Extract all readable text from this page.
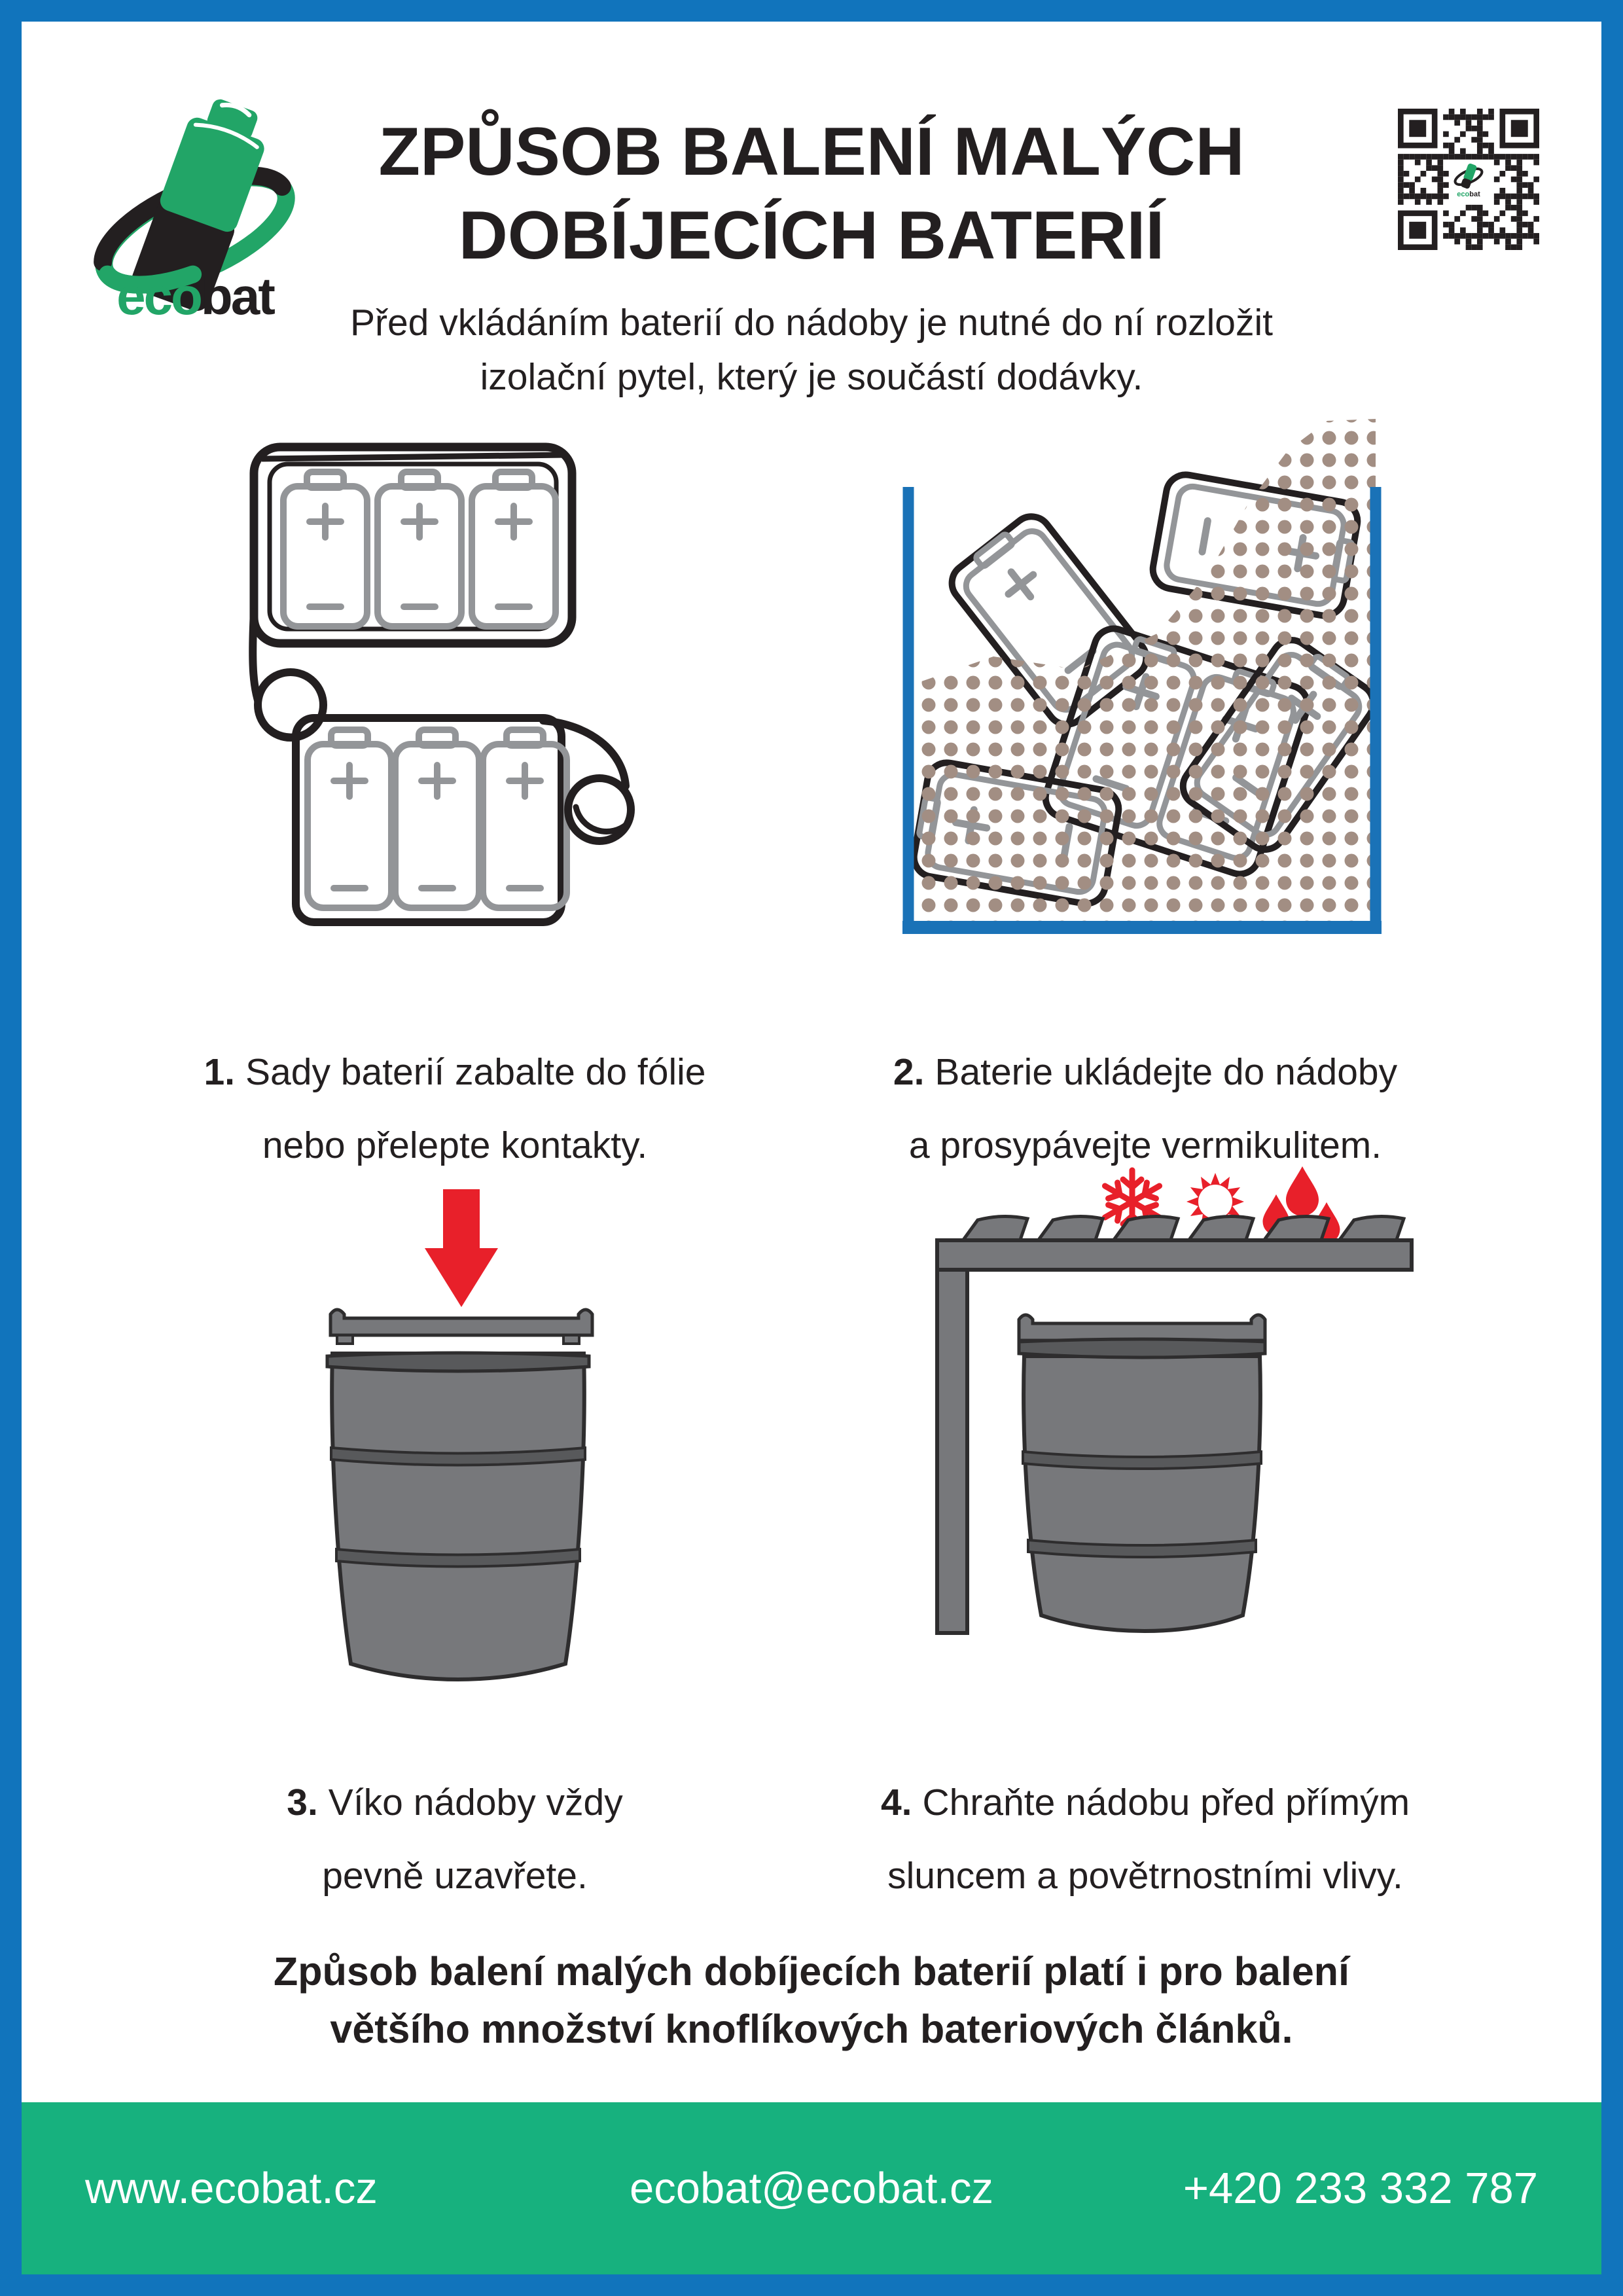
ecobat
ZPŮSOB BALENÍ MALÝCH
DOBÍJECÍCH BATERIÍ
ecobat
Před vkládáním baterií do nádoby je nutné do ní rozložit
izolační pytel, který je součástí dodávky.
1. Sady baterií zabalte do fólie
nebo přelepte kontakty.
2. Baterie ukládejte do nádoby
a prosypávejte vermikulitem.
3. Víko nádoby vždy
pevně uzavřete.
4. Chraňte nádobu před přímým
sluncem a povětrnostními vlivy.
Způsob balení malých dobíjecích baterií platí i pro balení
většího množství knoflíkových bateriových článků.
www.ecobat.cz	ecobat@ecobat.cz	+420 233 332 787
